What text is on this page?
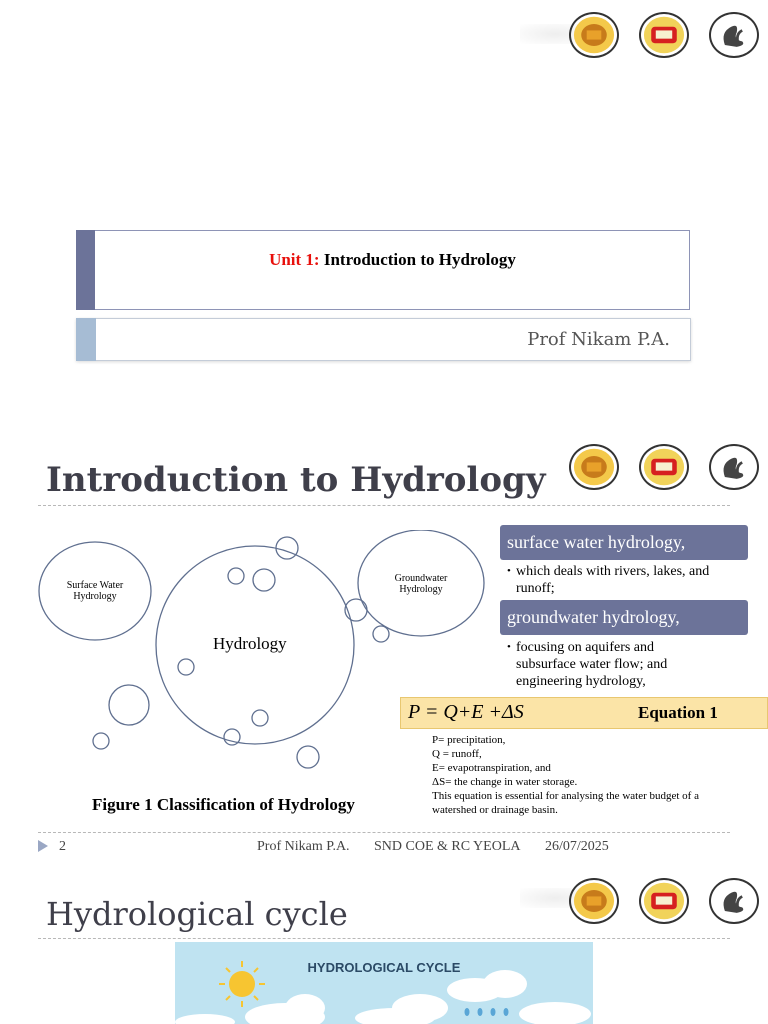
Unit 1: Introduction to Hydrology
Prof Nikam P.A.
Introduction to Hydrology
Surface Water
Hydrology
Groundwater
Hydrology
Hydrology
Figure 1 Classification of Hydrology
surface water hydrology,
• which deals with rivers, lakes, and runoff;
groundwater hydrology,
• focusing on aquifers and subsurface water flow; and engineering hydrology,
P = Q+E +ΔS	Equation 1
P= precipitation,
Q = runoff,
E= evapotranspiration, and
ΔS= the change in water storage.
This equation is essential for analysing the water budget of a watershed or drainage basin.
2	Prof Nikam P.A. SND COE & RC YEOLA 26/07/2025
Hydrological cycle
HYDROLOGICAL CYCLE
